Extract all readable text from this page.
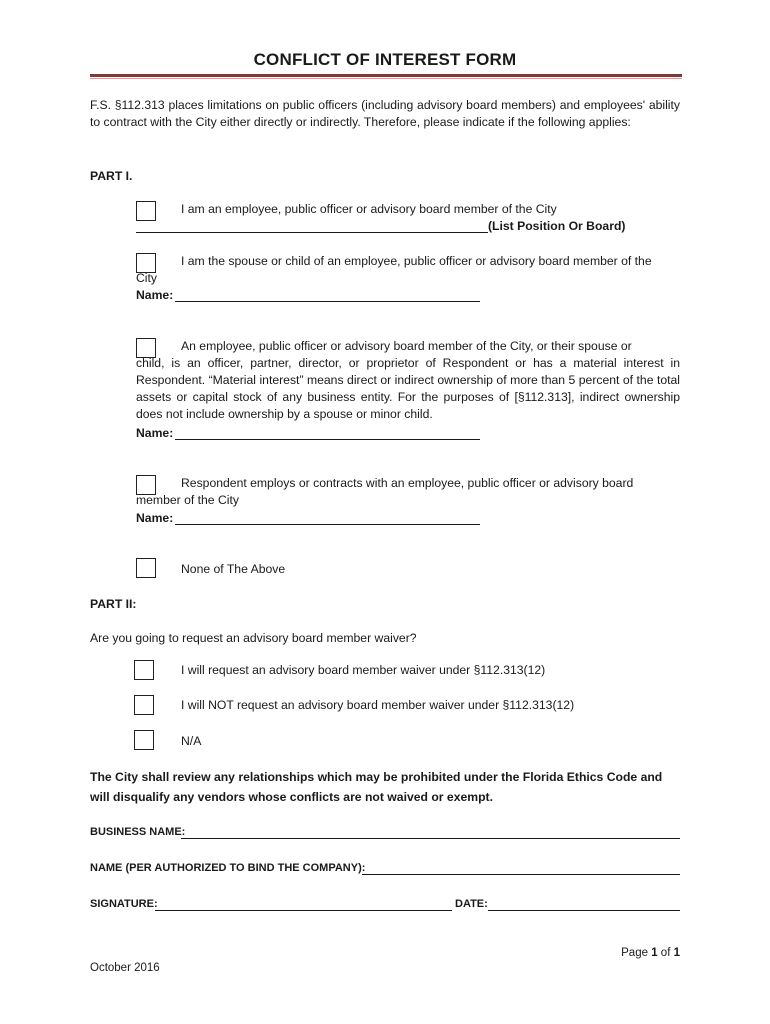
CONFLICT OF INTEREST FORM
F.S. §112.313 places limitations on public officers (including advisory board members) and employees' ability to contract with the City either directly or indirectly. Therefore, please indicate if the following applies:
PART I.
I am an employee, public officer or advisory board member of the City
(List Position Or Board)
I am the spouse or child of an employee, public officer or advisory board member of the
City
Name:
An employee, public officer or advisory board member of the City, or their spouse or
child, is an officer, partner, director, or proprietor of Respondent or has a material interest in Respondent. “Material interest” means direct or indirect ownership of more than 5 percent of the total assets or capital stock of any business entity. For the purposes of [§112.313], indirect ownership does not include ownership by a spouse or minor child.
Name:
Respondent employs or contracts with an employee, public officer or advisory board
member of the City
Name:
None of The Above
PART II:
Are you going to request an advisory board member waiver?
I will request an advisory board member waiver under §112.313(12)
I will NOT request an advisory board member waiver under §112.313(12)
N/A
The City shall review any relationships which may be prohibited under the Florida Ethics Code and will disqualify any vendors whose conflicts are not waived or exempt.
BUSINESS NAME:
NAME (PER AUTHORIZED TO BIND THE COMPANY):
SIGNATURE:	DATE:
Page 1 of 1
October 2016
